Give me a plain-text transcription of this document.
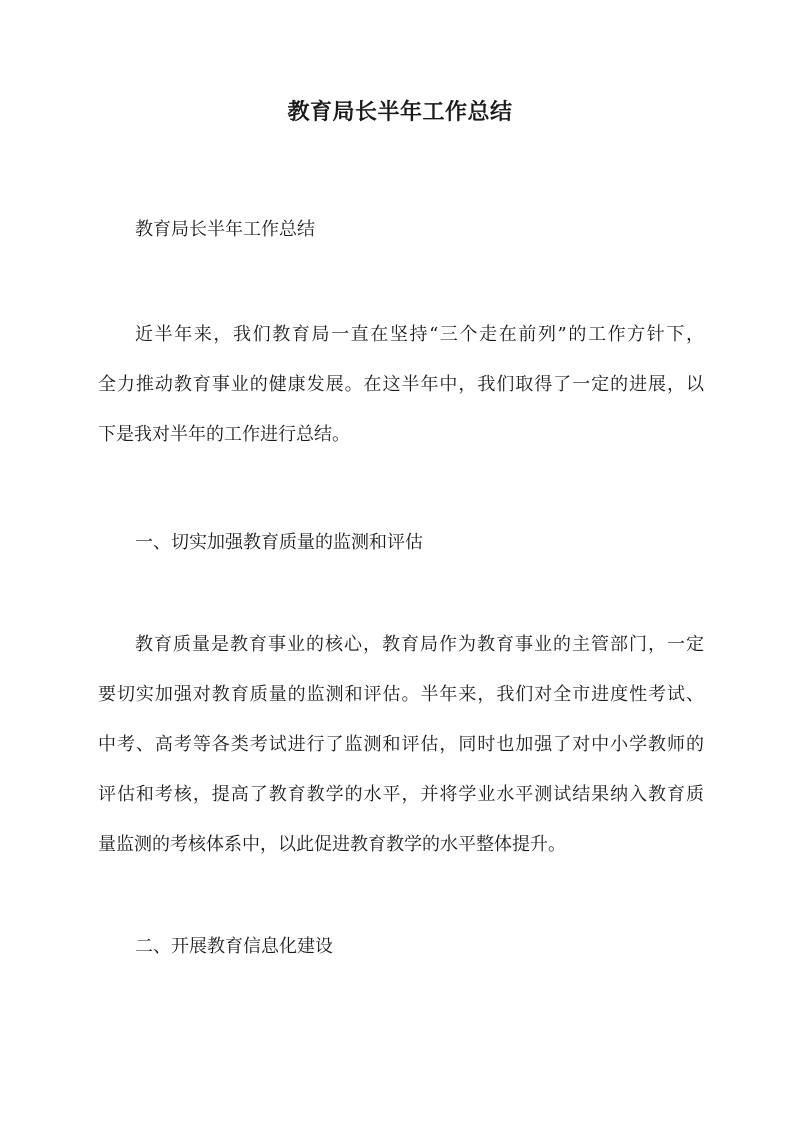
教育局长半年工作总结
教育局长半年工作总结
近半年来，我们教育局一直在坚持“三个走在前列”的工作方针下，
全力推动教育事业的健康发展。在这半年中，我们取得了一定的进展，以
下是我对半年的工作进行总结。
一、切实加强教育质量的监测和评估
教育质量是教育事业的核心，教育局作为教育事业的主管部门，一定
要切实加强对教育质量的监测和评估。半年来，我们对全市进度性考试、
中考、高考等各类考试进行了监测和评估，同时也加强了对中小学教师的
评估和考核，提高了教育教学的水平，并将学业水平测试结果纳入教育质
量监测的考核体系中，以此促进教育教学的水平整体提升。
二、开展教育信息化建设
